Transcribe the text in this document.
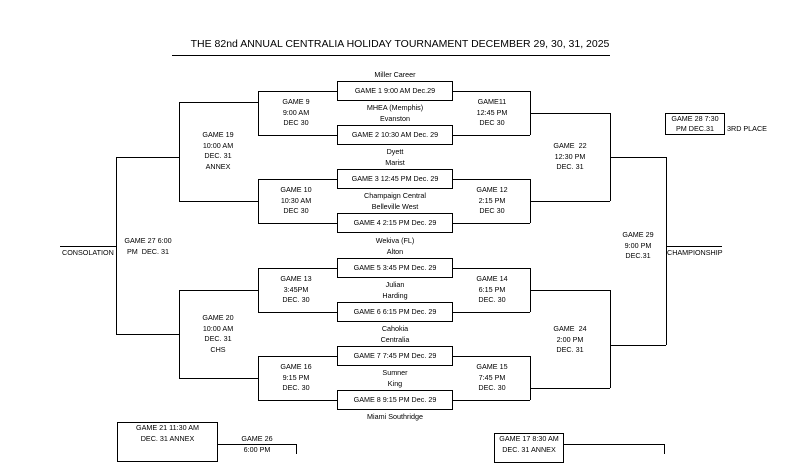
THE 82nd ANNUAL CENTRALIA HOLIDAY TOURNAMENT DECEMBER 29, 30, 31, 2025
GAME 1 9:00 AM Dec.29
GAME 2 10:30 AM Dec. 29
GAME 3 12:45 PM Dec. 29
GAME 4 2:15 PM Dec. 29
GAME 5 3:45 PM Dec. 29
GAME 6 6:15 PM Dec. 29
GAME 7 7:45 PM Dec. 29
GAME 8 9:15 PM Dec. 29
Miller Career
MHEA (Memphis)
Evanston
Dyett
Marist
Champaign Central
Belleville West
Wekiva (FL)
Alton
Julian
Harding
Cahokia
Centralia
Sumner
King
Miami Southridge
GAME 9
9:00 AM
DEC 30
GAME 10
10:30 AM
DEC 30
GAME 13
3:45PM
DEC. 30
GAME 16
9:15 PM
DEC. 30
GAME 19
10:00 AM
DEC. 31
ANNEX
GAME 20
10:00 AM
DEC. 31
CHS
GAME 27 6:00
PM  DEC. 31
CONSOLATION
GAME11
12:45 PM
DEC 30
GAME 12
2:15 PM
DEC 30
GAME 14
6:15 PM
DEC. 30
GAME 15
7:45 PM
DEC. 30
GAME  22
12:30 PM
DEC. 31
GAME  24
2:00 PM
DEC. 31
GAME 29
9:00 PM
DEC.31	CHAMPIONSHIP
GAME 28 7:30
PM DEC.31	3RD PLACE
GAME 21 11:30 AM
DEC. 31 ANNEX	GAME 26
6:00 PM
GAME 17 8:30 AM
DEC. 31 ANNEX
